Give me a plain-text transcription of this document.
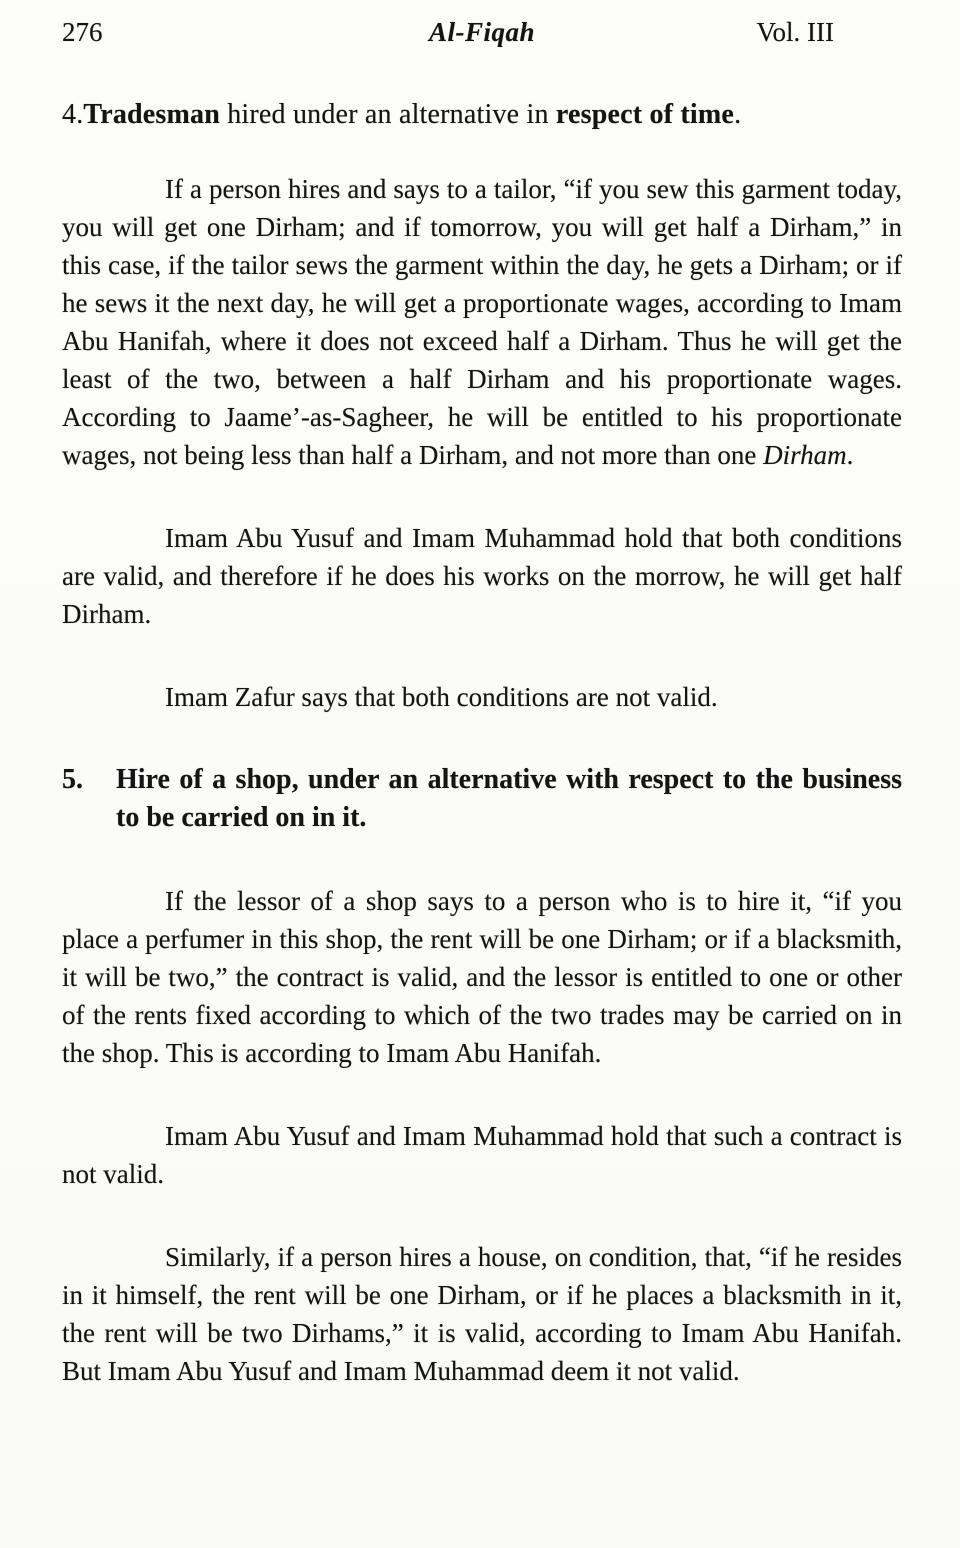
276	Al-Fiqah	Vol. III
4.Tradesman hired under an alternative in respect of time.
If a person hires and says to a tailor, “if you sew this garment today, you will get one Dirham; and if tomorrow, you will get half a Dirham,” in this case, if the tailor sews the garment within the day, he gets a Dirham; or if he sews it the next day, he will get a proportionate wages, according to Imam Abu Hanifah, where it does not exceed half a Dirham. Thus he will get the least of the two, between a half Dirham and his proportionate wages. According to Jaame’-as-Sagheer, he will be entitled to his proportionate wages, not being less than half a Dirham, and not more than one Dirham.
Imam Abu Yusuf and Imam Muhammad hold that both conditions are valid, and therefore if he does his works on the morrow, he will get half Dirham.
Imam Zafur says that both conditions are not valid.
5. Hire of a shop, under an alternative with respect to the business to be carried on in it.
If the lessor of a shop says to a person who is to hire it, “if you place a perfumer in this shop, the rent will be one Dirham; or if a blacksmith, it will be two,” the contract is valid, and the lessor is entitled to one or other of the rents fixed according to which of the two trades may be carried on in the shop. This is according to Imam Abu Hanifah.
Imam Abu Yusuf and Imam Muhammad hold that such a contract is not valid.
Similarly, if a person hires a house, on condition, that, “if he resides in it himself, the rent will be one Dirham, or if he places a blacksmith in it, the rent will be two Dirhams,” it is valid, according to Imam Abu Hanifah. But Imam Abu Yusuf and Imam Muhammad deem it not valid.
